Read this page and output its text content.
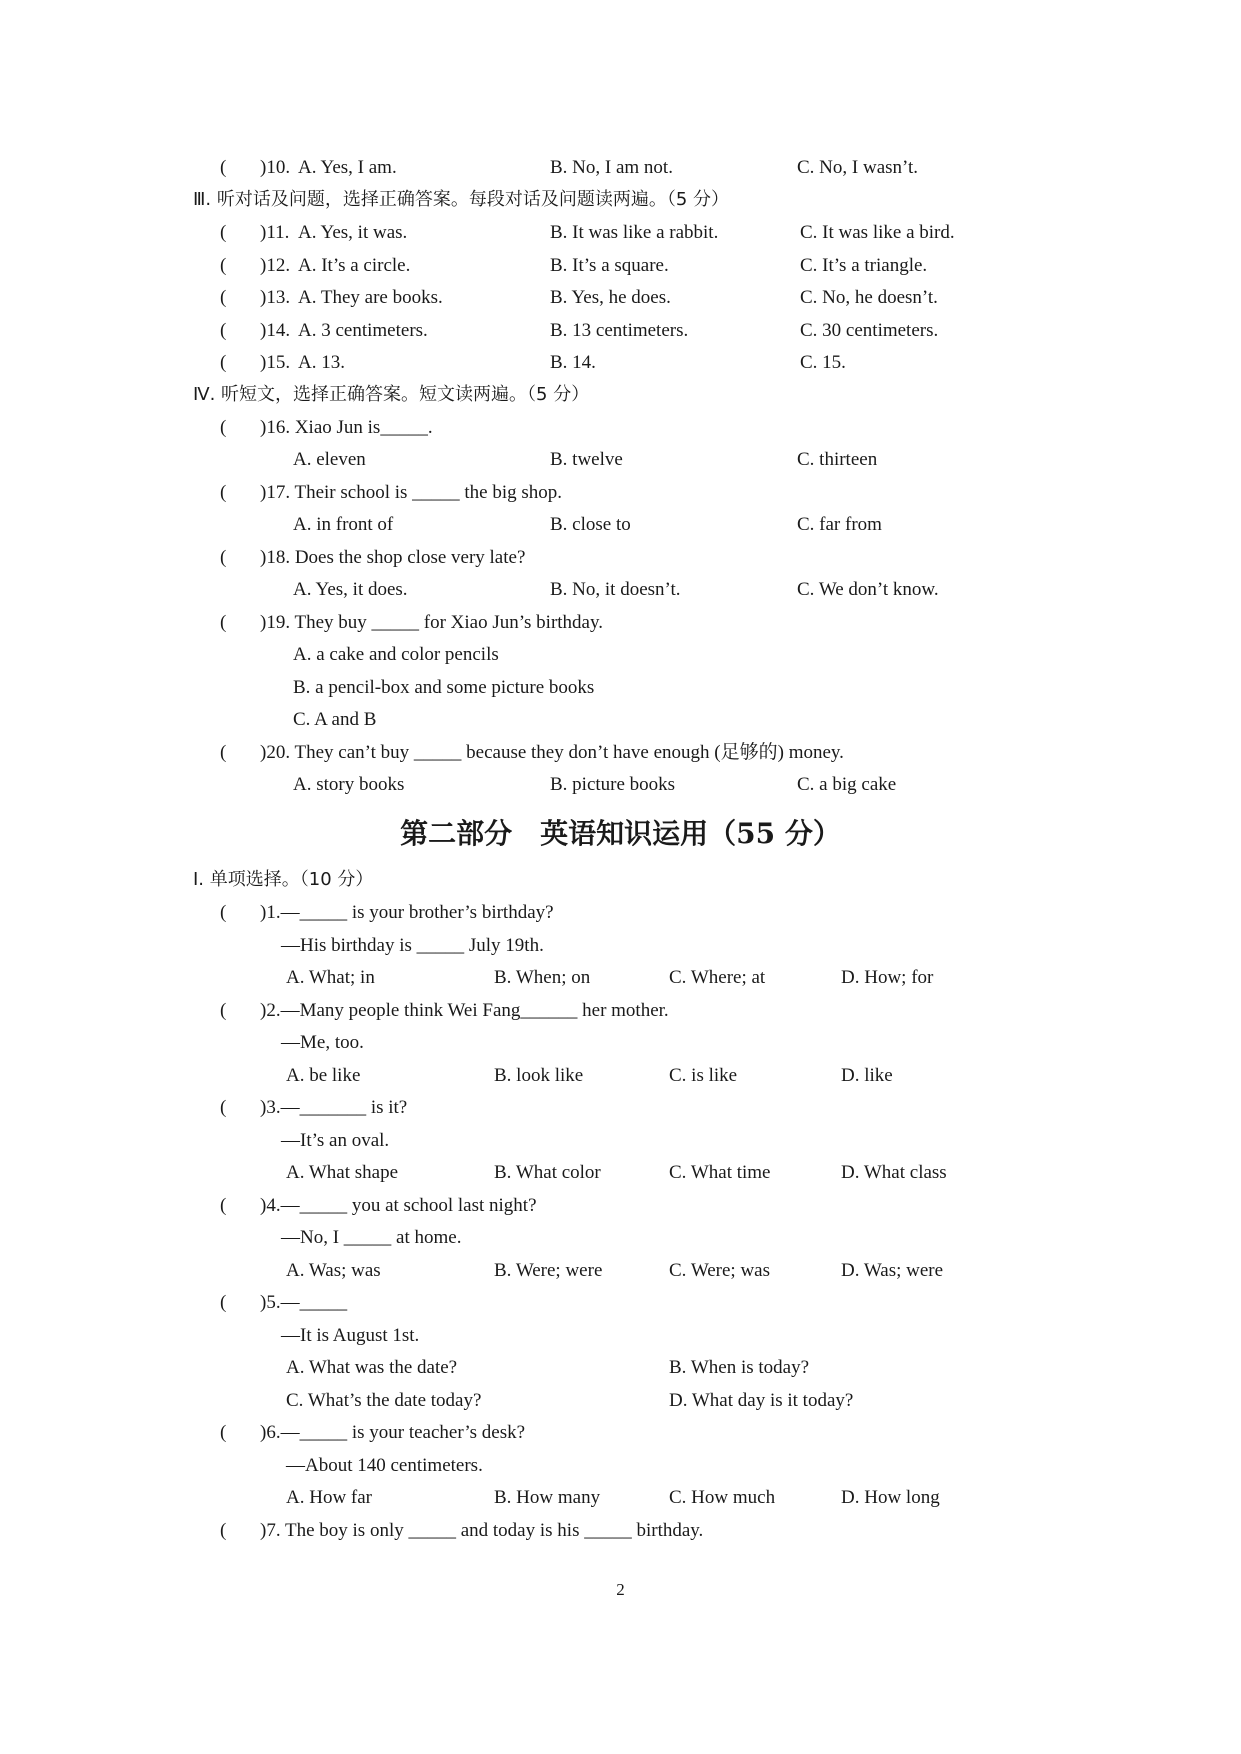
( )10. A. Yes, I am.	B. No, I am not.	C. No, I wasn’t.
Ⅲ. 听对话及问题，选择正确答案。每段对话及问题读两遍。（5 分）
( )11. A. Yes, it was.	B. It was like a rabbit.	C. It was like a bird.
( )12. A. It’s a circle.	B. It’s a square.	C. It’s a triangle.
( )13. A. They are books.	B. Yes, he does.	C. No, he doesn’t.
( )14. A. 3 centimeters.	B. 13 centimeters.	C. 30 centimeters.
( )15. A. 13.	B. 14.	C. 15.
Ⅳ. 听短文，选择正确答案。短文读两遍。（5 分）
( )16. Xiao Jun is_____.
A. eleven	B. twelve	C. thirteen
( )17. Their school is _____ the big shop.
A. in front of	B. close to	C. far from
( )18. Does the shop close very late?
A. Yes, it does.	B. No, it doesn’t.	C. We don’t know.
( )19. They buy _____ for Xiao Jun’s birthday.
A. a cake and color pencils
B. a pencil-box and some picture books
C. A and B
( )20. They can’t buy _____ because they don’t have enough (足够的) money.
A. story books	B. picture books	C. a big cake
第二部分　英语知识运用（55 分）
Ⅰ. 单项选择。（10 分）
( )1.—_____ is your brother’s birthday?
—His birthday is _____ July 19th.
A. What; in	B. When; on	C. Where; at	D. How; for
( )2.—Many people think Wei Fang______ her mother.
—Me, too.
A. be like	B. look like	C. is like	D. like
( )3.—_______ is it?
—It’s an oval.
A. What shape	B. What color	C. What time	D. What class
( )4.—_____ you at school last night?
—No, I _____ at home.
A. Was; was	B. Were; were	C. Were; was	D. Was; were
( )5.—_____
—It is August 1st.
A. What was the date?	B. When is today?
C. What’s the date today?	D. What day is it today?
( )6.—_____ is your teacher’s desk?
—About 140 centimeters.
A. How far	B. How many	C. How much	D. How long
( )7. The boy is only _____ and today is his _____ birthday.
2
